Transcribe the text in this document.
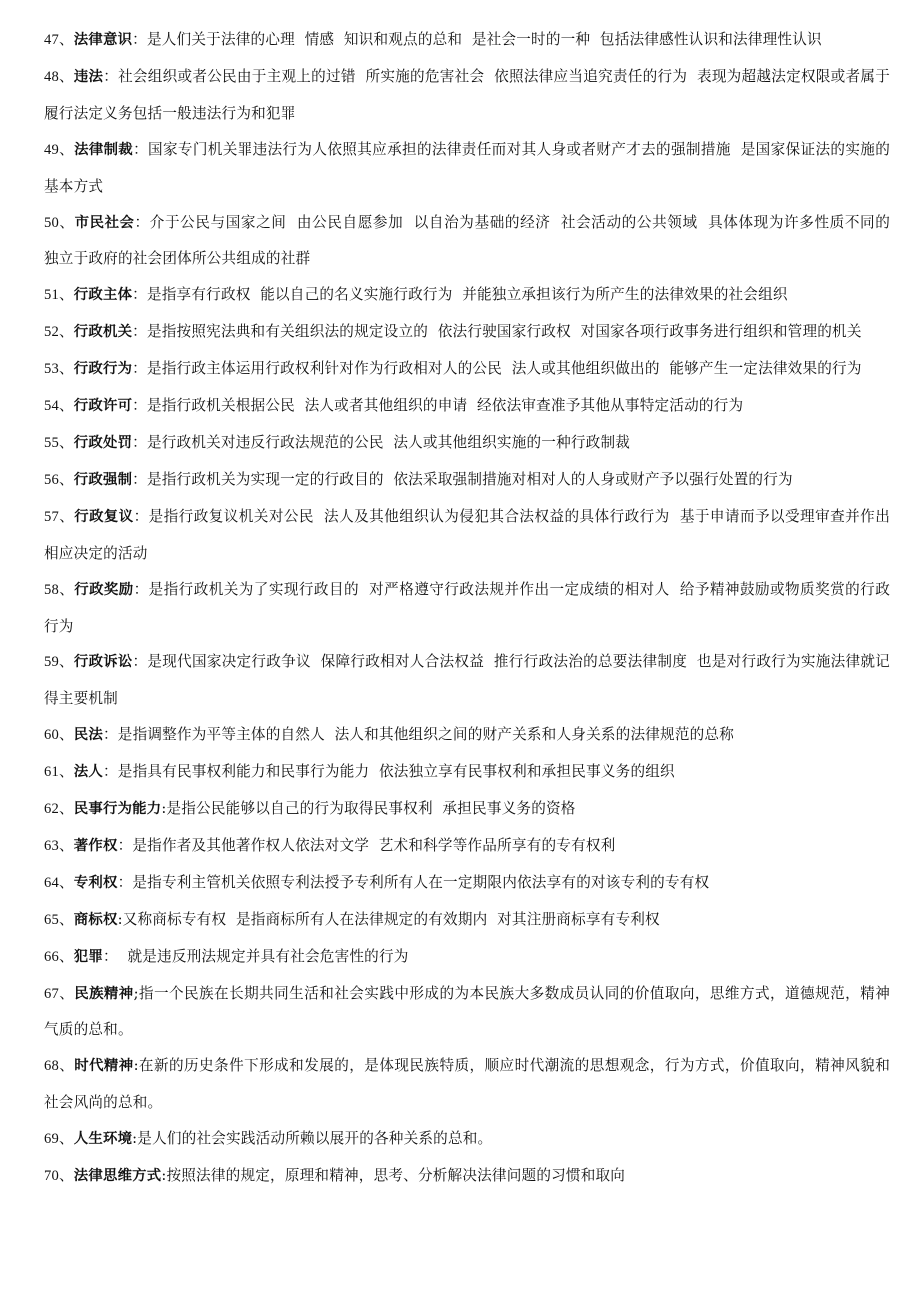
47、法律意识：是人们关于法律的心理  情感  知识和观点的总和  是社会一时的一种  包括法律感性认识和法律理性认识

48、违法：社会组织或者公民由于主观上的过错  所实施的危害社会  依照法律应当追究责任的行为  表现为超越法定权限或者属于履行法定义务包括一般违法行为和犯罪

49、法律制裁：国家专门机关罪违法行为人依照其应承担的法律责任而对其人身或者财产才去的强制措施  是国家保证法的实施的基本方式

50、市民社会：介于公民与国家之间  由公民自愿参加  以自治为基础的经济  社会活动的公共领域  具体体现为许多性质不同的  独立于政府的社会团体所公共组成的社群

51、行政主体：是指享有行政权  能以自己的名义实施行政行为  并能独立承担该行为所产生的法律效果的社会组织

52、行政机关：是指按照宪法典和有关组织法的规定设立的  依法行驶国家行政权  对国家各项行政事务进行组织和管理的机关

53、行政行为：是指行政主体运用行政权利针对作为行政相对人的公民  法人或其他组织做出的  能够产生一定法律效果的行为

54、行政许可：是指行政机关根据公民  法人或者其他组织的申请  经依法审查准予其他从事特定活动的行为

55、行政处罚：是行政机关对违反行政法规范的公民  法人或其他组织实施的一种行政制裁

56、行政强制：是指行政机关为实现一定的行政目的  依法采取强制措施对相对人的人身或财产予以强行处置的行为

57、行政复议：是指行政复议机关对公民  法人及其他组织认为侵犯其合法权益的具体行政行为  基于申请而予以受理审查并作出相应决定的活动

58、行政奖励：是指行政机关为了实现行政目的  对严格遵守行政法规并作出一定成绩的相对人  给予精神鼓励或物质奖赏的行政行为

59、行政诉讼：是现代国家决定行政争议  保障行政相对人合法权益  推行行政法治的总要法律制度  也是对行政行为实施法律就记得主要机制

60、民法：是指调整作为平等主体的自然人  法人和其他组织之间的财产关系和人身关系的法律规范的总称

61、法人：是指具有民事权利能力和民事行为能力  依法独立享有民事权利和承担民事义务的组织

62、民事行为能力:是指公民能够以自己的行为取得民事权利  承担民事义务的资格

63、著作权：是指作者及其他著作权人依法对文学  艺术和科学等作品所享有的专有权利

64、专利权：是指专利主管机关依照专利法授予专利所有人在一定期限内依法享有的对该专利的专有权

65、商标权:又称商标专有权  是指商标所有人在法律规定的有效期内  对其注册商标享有专利权

66、犯罪：  就是违反刑法规定并具有社会危害性的行为

67、民族精神;指一个民族在长期共同生活和社会实践中形成的为本民族大多数成员认同的价值取向，思维方式，道德规范，精神气质的总和。

68、时代精神:在新的历史条件下形成和发展的，是体现民族特质，顺应时代潮流的思想观念，行为方式，价值取向，精神风貌和社会风尚的总和。

69、人生环境:是人们的社会实践活动所赖以展开的各种关系的总和。

70、法律思维方式:按照法律的规定，原理和精神，思考、分析解决法律问题的习惯和取向
